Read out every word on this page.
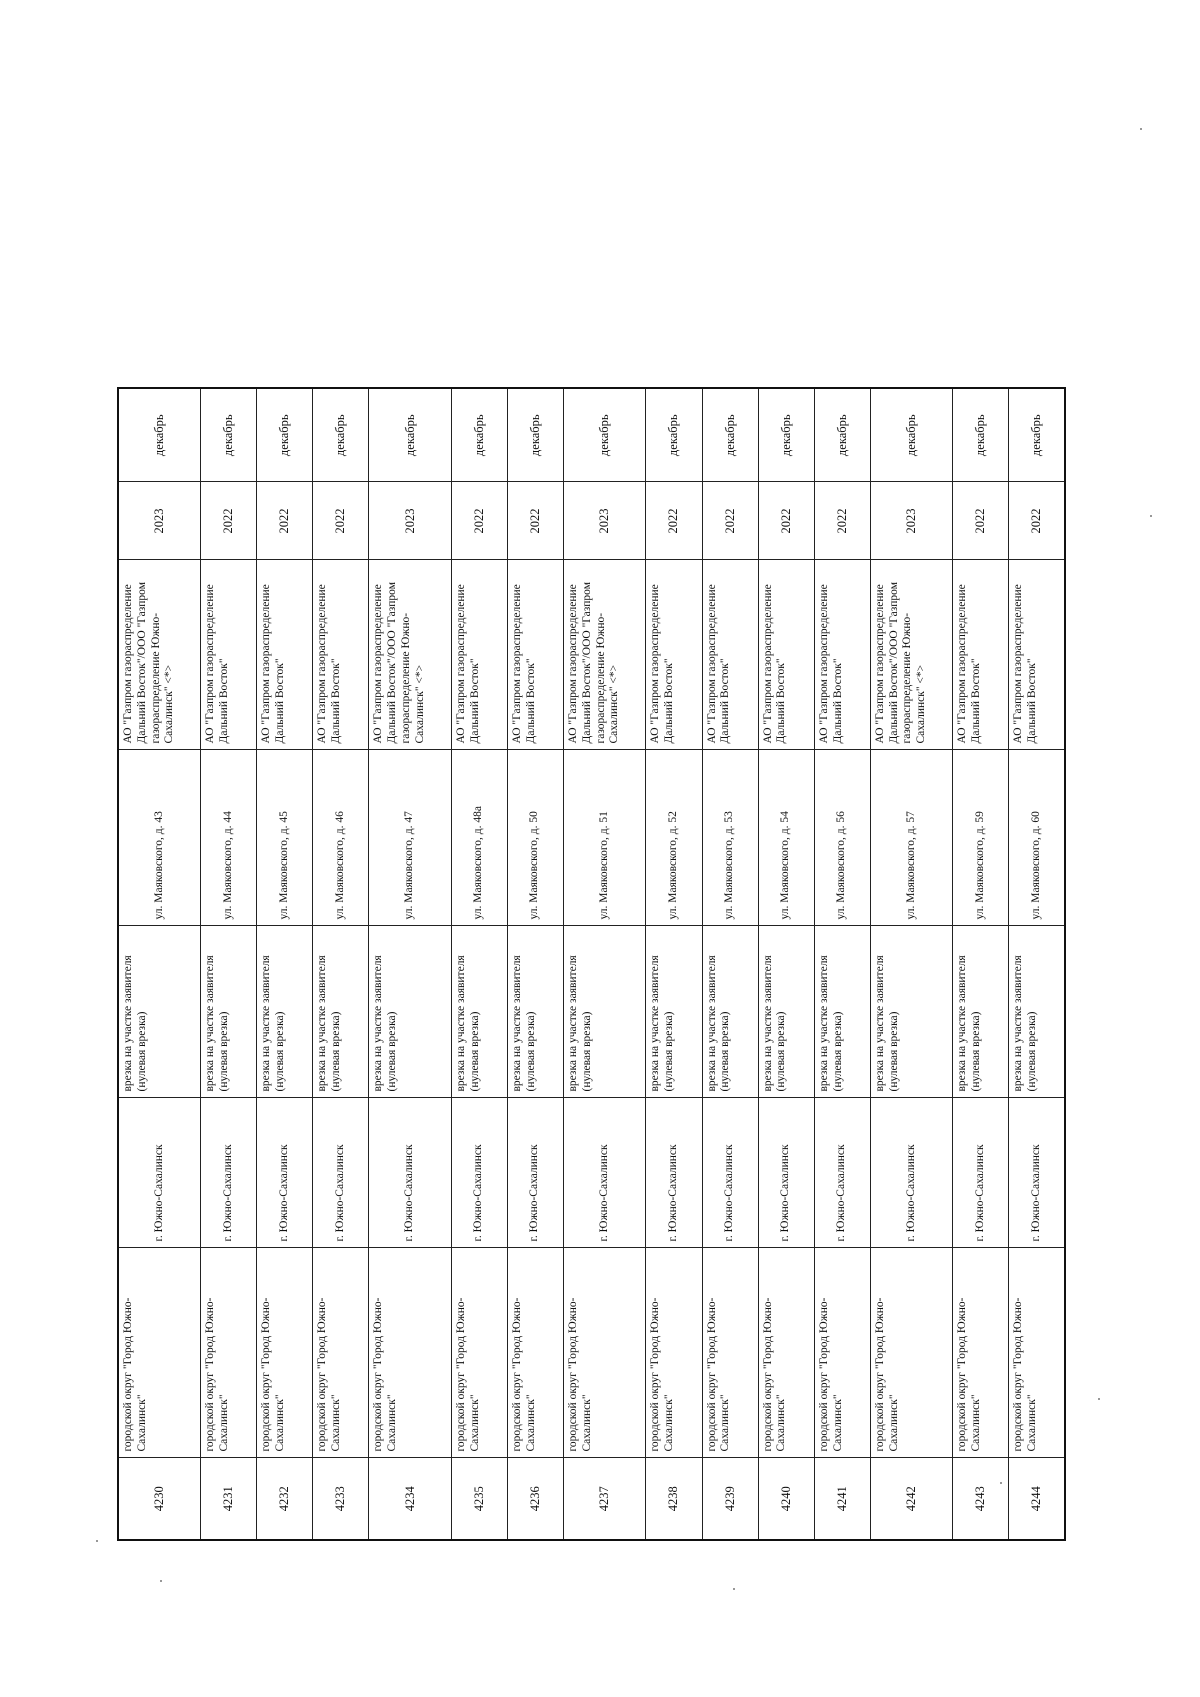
4230	городской округ "Город Южно-Сахалинск"	г. Южно-Сахалинск	врезка на участке заявителя (нулевая врезка)	ул. Маяковского, д. 43	АО "Газпром газораспределение Дальний Восток"/ООО "Газпром газораспределение Южно-Сахалинск" <*>	2023	декабрь
4231	городской округ "Город Южно-Сахалинск"	г. Южно-Сахалинск	врезка на участке заявителя (нулевая врезка)	ул. Маяковского, д. 44	АО "Газпром газораспределение Дальний Восток"	2022	декабрь
4232	городской округ "Город Южно-Сахалинск"	г. Южно-Сахалинск	врезка на участке заявителя (нулевая врезка)	ул. Маяковского, д. 45	АО "Газпром газораспределение Дальний Восток"	2022	декабрь
4233	городской округ "Город Южно-Сахалинск"	г. Южно-Сахалинск	врезка на участке заявителя (нулевая врезка)	ул. Маяковского, д. 46	АО "Газпром газораспределение Дальний Восток"	2022	декабрь
4234	городской округ "Город Южно-Сахалинск"	г. Южно-Сахалинск	врезка на участке заявителя (нулевая врезка)	ул. Маяковского, д. 47	АО "Газпром газораспределение Дальний Восток"/ООО "Газпром газораспределение Южно-Сахалинск" <*>	2023	декабрь
4235	городской округ "Город Южно-Сахалинск"	г. Южно-Сахалинск	врезка на участке заявителя (нулевая врезка)	ул. Маяковского, д. 48а	АО "Газпром газораспределение Дальний Восток"	2022	декабрь
4236	городской округ "Город Южно-Сахалинск"	г. Южно-Сахалинск	врезка на участке заявителя (нулевая врезка)	ул. Маяковского, д. 50	АО "Газпром газораспределение Дальний Восток"	2022	декабрь
4237	городской округ "Город Южно-Сахалинск"	г. Южно-Сахалинск	врезка на участке заявителя (нулевая врезка)	ул. Маяковского, д. 51	АО "Газпром газораспределение Дальний Восток"/ООО "Газпром газораспределение Южно-Сахалинск" <*>	2023	декабрь
4238	городской округ "Город Южно-Сахалинск"	г. Южно-Сахалинск	врезка на участке заявителя (нулевая врезка)	ул. Маяковского, д. 52	АО "Газпром газораспределение Дальний Восток"	2022	декабрь
4239	городской округ "Город Южно-Сахалинск"	г. Южно-Сахалинск	врезка на участке заявителя (нулевая врезка)	ул. Маяковского, д. 53	АО "Газпром газораспределение Дальний Восток"	2022	декабрь
4240	городской округ "Город Южно-Сахалинск"	г. Южно-Сахалинск	врезка на участке заявителя (нулевая врезка)	ул. Маяковского, д. 54	АО "Газпром газораспределение Дальний Восток"	2022	декабрь
4241	городской округ "Город Южно-Сахалинск"	г. Южно-Сахалинск	врезка на участке заявителя (нулевая врезка)	ул. Маяковского, д. 56	АО "Газпром газораспределение Дальний Восток"	2022	декабрь
4242	городской округ "Город Южно-Сахалинск"	г. Южно-Сахалинск	врезка на участке заявителя (нулевая врезка)	ул. Маяковского, д. 57	АО "Газпром газораспределение Дальний Восток"/ООО "Газпром газораспределение Южно-Сахалинск" <*>	2023	декабрь
4243	городской округ "Город Южно-Сахалинск"	г. Южно-Сахалинск	врезка на участке заявителя (нулевая врезка)	ул. Маяковского, д. 59	АО "Газпром газораспределение Дальний Восток"	2022	декабрь
4244	городской округ "Город Южно-Сахалинск"	г. Южно-Сахалинск	врезка на участке заявителя (нулевая врезка)	ул. Маяковского, д. 60	АО "Газпром газораспределение Дальний Восток"	2022	декабрь
